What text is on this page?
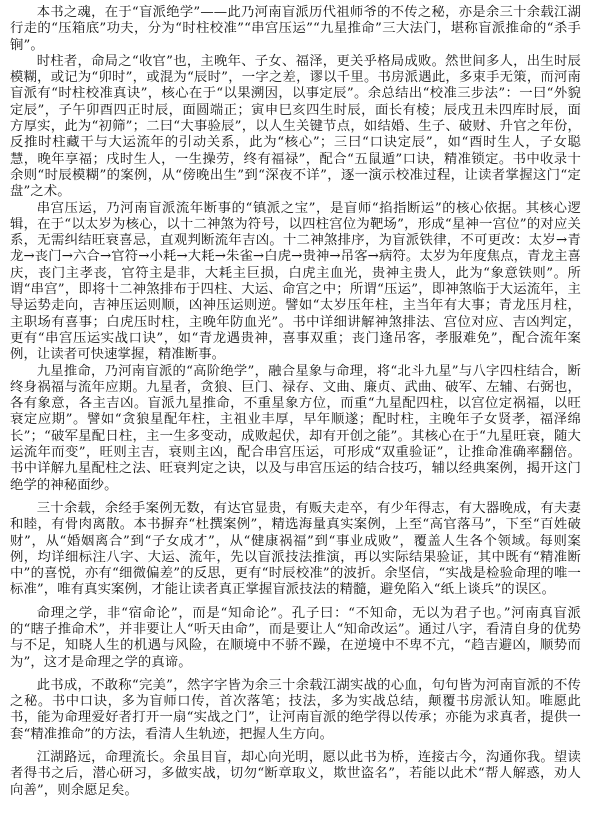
本书之魂，在于“盲派绝学”——此乃河南盲派历代祖师爷的不传之秘，亦是余三十余载江湖行走的“压箱底”功夫，分为“时柱校准”“串宫压运”“九星推命”三大法门，堪称盲派推命的“杀手锏”。

时柱者，命局之“收官”也，主晚年、子女、福泽，更关乎格局成败。然世间多人，出生时辰模糊，或记为“卯时”，或混为“辰时”，一字之差，谬以千里。书房派遇此，多束手无策，而河南盲派有“时柱校准真诀”，核心在于“以果溯因，以事定辰”。余总结出“校准三步法”：一曰“外貌定辰”，子午卯酉四正时辰，面圆端正；寅申巳亥四生时辰，面长有棱；辰戌丑未四库时辰，面方厚实，此为“初筛”；二曰“大事验辰”，以人生关键节点，如结婚、生子、破财、升官之年份，反推时柱藏干与大运流年的引动关系，此为“核心”；三曰“口诀定辰”，如“酉时生人，子女聪慧，晚年享福；戌时生人，一生操劳，终有福禄”，配合“五鼠遁”口诀，精准锁定。书中收录十余则“时辰模糊”的案例，从“傍晚出生”到“深夜不详”，逐一演示校准过程，让读者掌握这门“定盘”之术。

串宫压运，乃河南盲派流年断事的“镇派之宝”，是盲师“掐指断运”的核心依据。其核心逻辑，在于“以太岁为核心，以十二神煞为符号，以四柱宫位为靶场”，形成“星神一宫位”的对应关系，无需纠结旺衰喜忌，直观判断流年吉凶。十二神煞排序，为盲派铁律，不可更改：太岁→青龙→丧门→六合→官符→小耗→大耗→朱雀→白虎→贵神→吊客→病符。太岁为年度焦点，青龙主喜庆，丧门主孝丧，官符主是非，大耗主巨损，白虎主血光，贵神主贵人，此为“象意铁则”。所谓“串宫”，即将十二神煞排布于四柱、大运、命宫之中；所谓“压运”，即神煞临于大运流年，主导运势走向，吉神压运则顺，凶神压运则逆。譬如“太岁压年柱，主当年有大事；青龙压月柱，主职场有喜事；白虎压时柱，主晚年防血光”。书中详细讲解神煞排法、宫位对应、吉凶判定，更有“串宫压运实战口诀”，如“青龙遇贵神，喜事双重；丧门逢吊客，孝服难免”，配合流年案例，让读者可快速掌握，精准断事。

九星推命，乃河南盲派的“高阶绝学”，融合星象与命理，将“北斗九星”与八字四柱结合，断终身祸福与流年应期。九星者，贪狼、巨门、禄存、文曲、廉贞、武曲、破军、左辅、右弼也，各有象意，各主吉凶。盲派九星推命，不重星象方位，而重“九星配四柱，以宫位定祸福，以旺衰定应期”。譬如“贪狼星配年柱，主祖业丰厚，早年顺遂；配时柱，主晚年子女贤孝，福泽绵长”；“破军星配日柱，主一生多变动，成败起伏，却有开创之能”。其核心在于“九星旺衰，随大运流年而变”，旺则主吉，衰则主凶，配合串宫压运，可形成“双重验证”，让推命准确率翻倍。书中详解九星配柱之法、旺衰判定之诀，以及与串宫压运的结合技巧，辅以经典案例，揭开这门绝学的神秘面纱。

三十余载，余经手案例无数，有达官显贵，有贩夫走卒，有少年得志，有大器晚成，有夫妻和睦，有骨肉离散。本书摒弃“杜撰案例”，精选海量真实案例，上至“高官落马”，下至“百姓破财”，从“婚姻离合”到“子女成才”，从“健康祸福”到“事业成败”，覆盖人生各个领域。每则案例，均详细标注八字、大运、流年，先以盲派技法推演，再以实际结果验证，其中既有“精准断中”的喜悦，亦有“细微偏差”的反思，更有“时辰校准”的波折。余坚信，“实战是检验命理的唯一标准”，唯有真实案例，才能让读者真正掌握盲派技法的精髓，避免陷入“纸上谈兵”的误区。

命理之学，非“宿命论”，而是“知命论”。孔子曰：“不知命，无以为君子也。”河南真盲派的“瞎子推命术”，并非要让人“听天由命”，而是要让人“知命改运”。通过八字，看清自身的优势与不足，知晓人生的机遇与风险，在顺境中不骄不躁，在逆境中不卑不亢，“趋吉避凶，顺势而为”，这才是命理之学的真谛。

此书成，不敢称“完美”，然字字皆为余三十余载江湖实战的心血，句句皆为河南盲派的不传之秘。书中口诀，多为盲师口传，首次落笔；技法，多为实战总结，颠覆书房派认知。唯愿此书，能为命理爱好者打开一扇“实战之门”，让河南盲派的绝学得以传承；亦能为求真者，提供一套“精准推命”的方法，看清人生轨迹，把握人生方向。

江湖路远，命理流长。余虽目盲，却心向光明，愿以此书为桥，连接古今，沟通你我。望读者得书之后，潜心研习，多做实战，切勿“断章取义，欺世盗名”，若能以此术“帮人解惑，劝人向善”，则余愿足矣。
